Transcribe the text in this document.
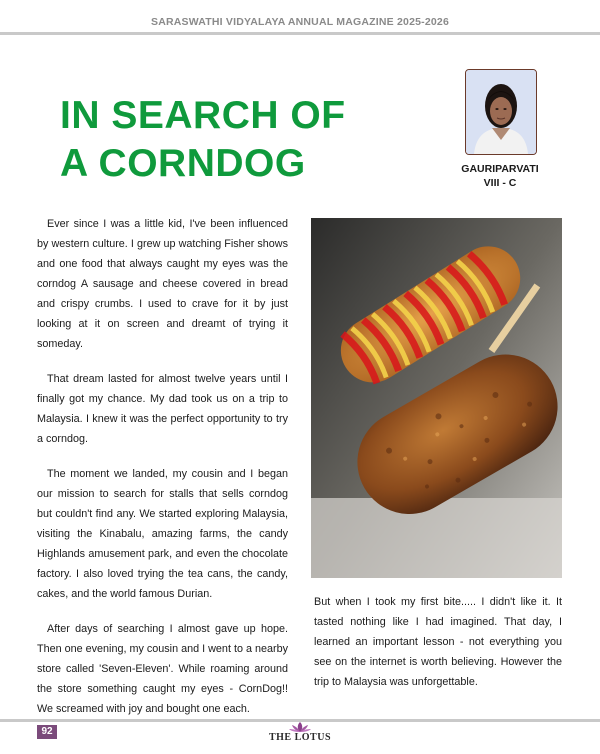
SARASWATHI VIDYALAYA ANNUAL MAGAZINE 2025-2026
IN SEARCH OF
A CORNDOG	GAURIPARVATI
VIII - C

Ever since I was a little kid, I've been influenced by western culture. I grew up watching Fisher shows and one food that always caught my eyes was the corndog A sausage and cheese covered in bread and crispy crumbs. I used to crave for it by just looking at it on screen and dreamt of trying it someday.

That dream lasted for almost twelve years until I finally got my chance. My dad took us on a trip to Malaysia. I knew it was the perfect opportunity to try a corndog.

The moment we landed, my cousin and I began our mission to search for stalls that sells corndog but couldn't find any. We started exploring Malaysia, visiting the Kinabalu, amazing farms, the candy Highlands amusement park, and even the chocolate factory. I also loved trying the tea cans, the candy, cakes, and the world famous Durian.

After days of searching I almost gave up hope. Then one evening, my cousin and I went to a nearby store called 'Seven-Eleven'. While roaming around the store something caught my eyes - CornDog!! We screamed with joy and bought one each.

But when I took my first bite..... I didn't like it. It tasted nothing like I had imagined. That day, I learned an important lesson - not everything you see on the internet is worth believing. However the trip to Malaysia was unforgettable.

92
THE LOTUS
